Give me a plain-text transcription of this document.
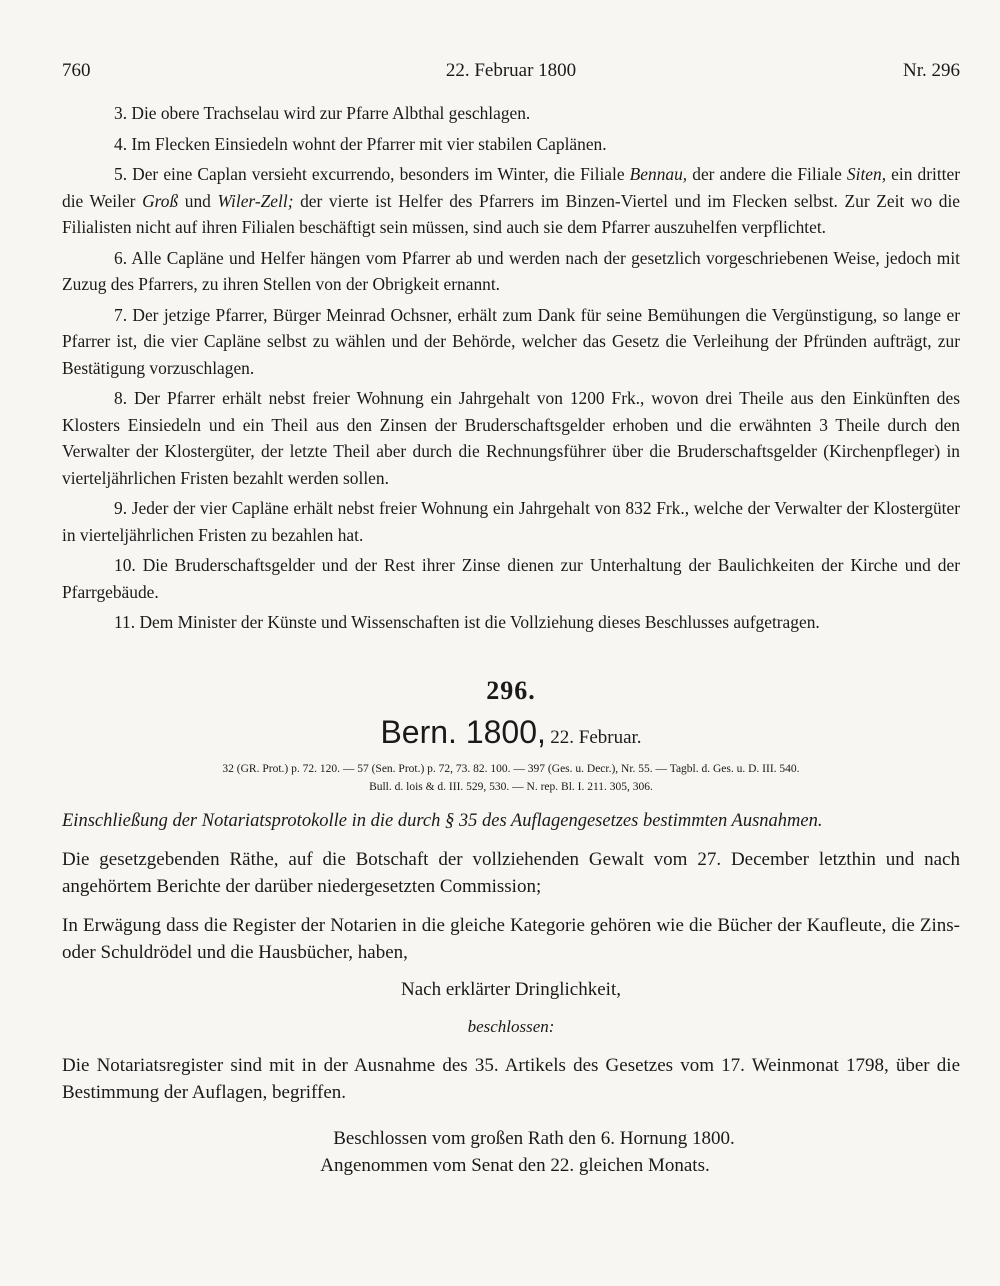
760	22. Februar 1800	Nr. 296

3. Die obere Trachselau wird zur Pfarre Albthal geschlagen.

4. Im Flecken Einsiedeln wohnt der Pfarrer mit vier stabilen Caplänen.

5. Der eine Caplan versieht excurrendo, besonders im Winter, die Filiale Bennau, der andere die Filiale Siten, ein dritter die Weiler Groß und Wiler-Zell; der vierte ist Helfer des Pfarrers im Binzen-Viertel und im Flecken selbst. Zur Zeit wo die Filialisten nicht auf ihren Filialen beschäftigt sein müssen, sind auch sie dem Pfarrer auszuhelfen verpflichtet.

6. Alle Capläne und Helfer hängen vom Pfarrer ab und werden nach der gesetzlich vorgeschriebenen Weise, jedoch mit Zuzug des Pfarrers, zu ihren Stellen von der Obrigkeit ernannt.

7. Der jetzige Pfarrer, Bürger Meinrad Ochsner, erhält zum Dank für seine Bemühungen die Vergünstigung, so lange er Pfarrer ist, die vier Capläne selbst zu wählen und der Behörde, welcher das Gesetz die Verleihung der Pfründen aufträgt, zur Bestätigung vorzuschlagen.

8. Der Pfarrer erhält nebst freier Wohnung ein Jahrgehalt von 1200 Frk., wovon drei Theile aus den Einkünften des Klosters Einsiedeln und ein Theil aus den Zinsen der Bruderschaftsgelder erhoben und die erwähnten 3 Theile durch den Verwalter der Klostergüter, der letzte Theil aber durch die Rechnungsführer über die Bruderschaftsgelder (Kirchenpfleger) in vierteljährlichen Fristen bezahlt werden sollen.

9. Jeder der vier Capläne erhält nebst freier Wohnung ein Jahrgehalt von 832 Frk., welche der Verwalter der Klostergüter in vierteljährlichen Fristen zu bezahlen hat.

10. Die Bruderschaftsgelder und der Rest ihrer Zinse dienen zur Unterhaltung der Baulichkeiten der Kirche und der Pfarrgebäude.

11. Dem Minister der Künste und Wissenschaften ist die Vollziehung dieses Beschlusses aufgetragen.

296.
Bern. 1800, 22. Februar.
32 (GR. Prot.) p. 72. 120. — 57 (Sen. Prot.) p. 72, 73. 82. 100. — 397 (Ges. u. Decr.), Nr. 55. — Tagbl. d. Ges. u. D. III. 540.
Bull. d. lois & d. III. 529, 530. — N. rep. Bl. I. 211. 305, 306.
Einschließung der Notariatsprotokolle in die durch § 35 des Auflagengesetzes bestimmten Ausnahmen.

Die gesetzgebenden Räthe, auf die Botschaft der vollziehenden Gewalt vom 27. December letzthin und nach angehörtem Berichte der darüber niedergesetzten Commission;

In Erwägung dass die Register der Notarien in die gleiche Kategorie gehören wie die Bücher der Kaufleute, die Zins- oder Schuldrödel und die Hausbücher, haben,

Nach erklärter Dringlichkeit,
beschlossen:

Die Notariatsregister sind mit in der Ausnahme des 35. Artikels des Gesetzes vom 17. Weinmonat 1798, über die Bestimmung der Auflagen, begriffen.

Beschlossen vom großen Rath den 6. Hornung 1800.
Angenommen vom Senat den 22. gleichen Monats.
